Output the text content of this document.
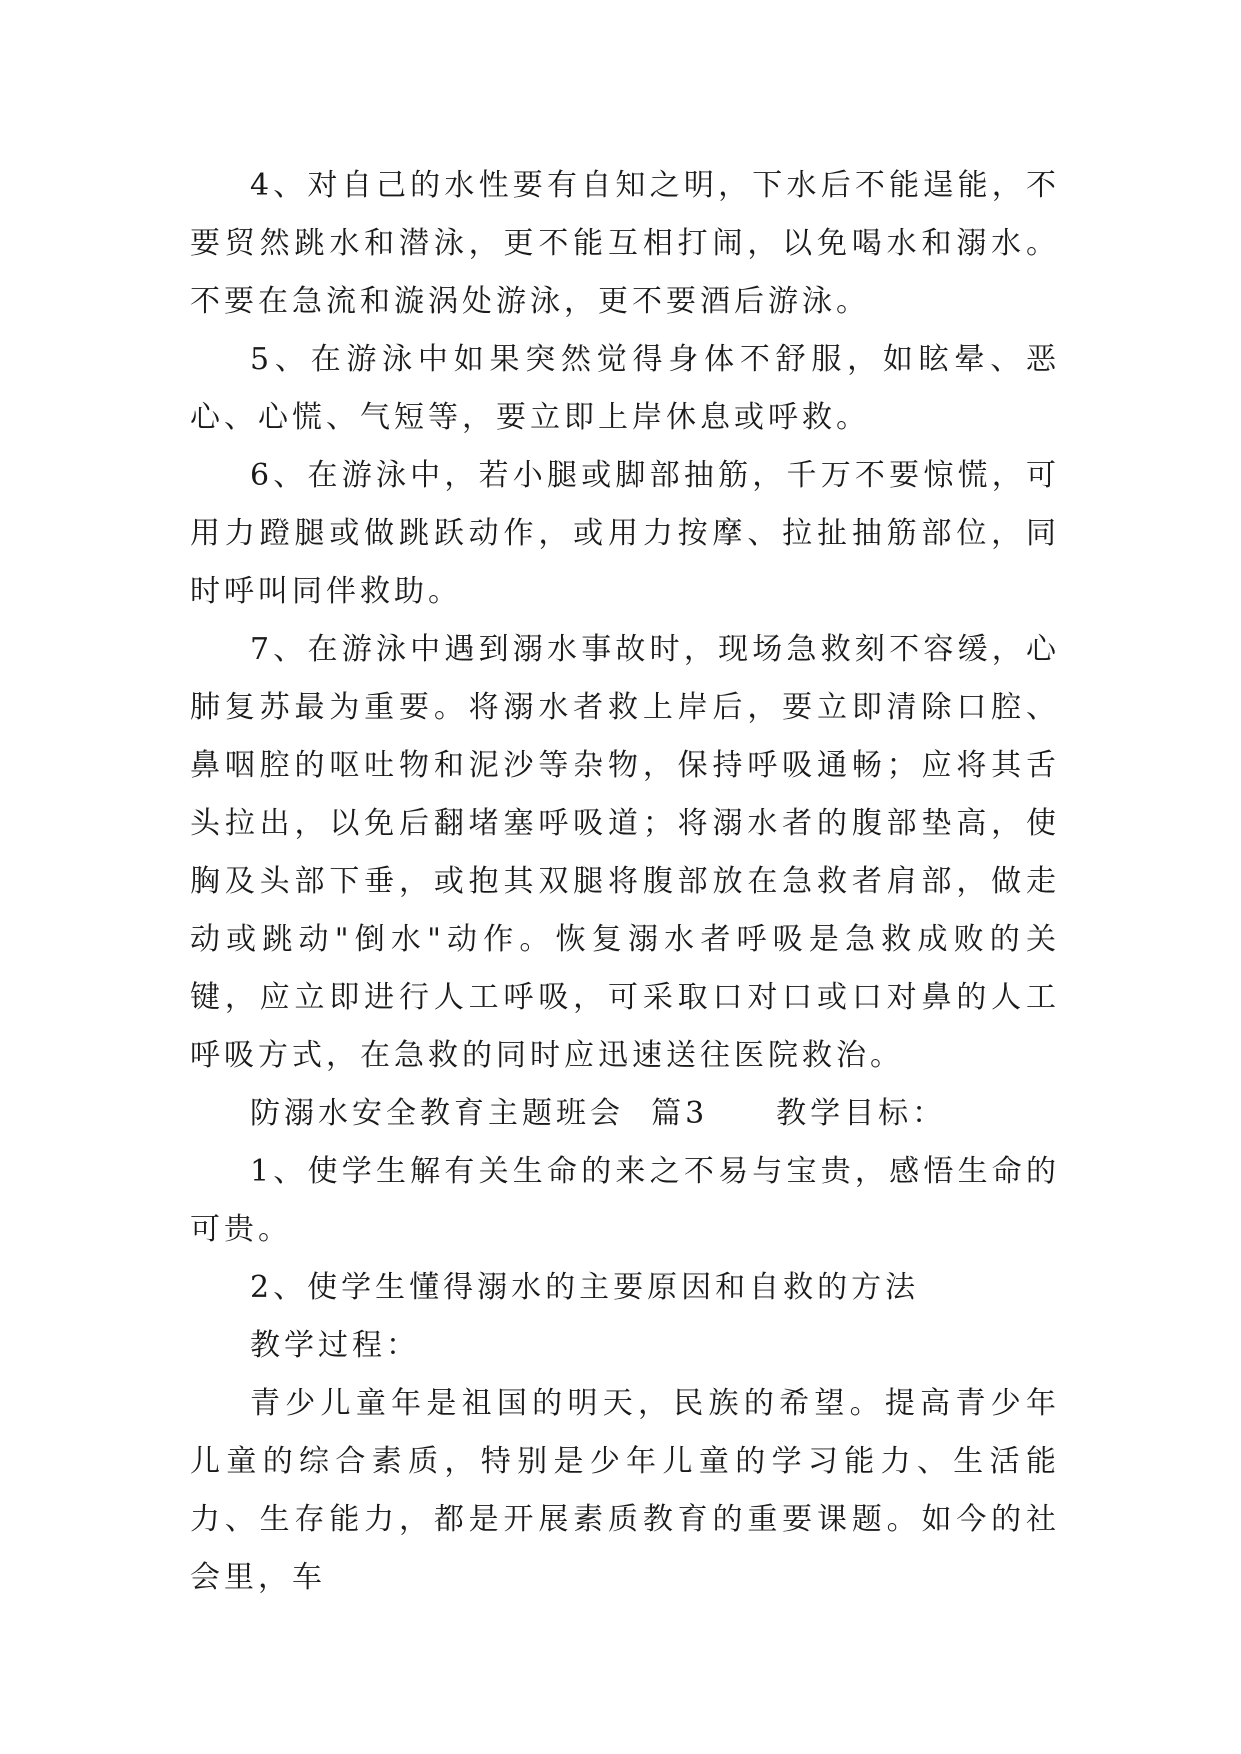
4、对自己的水性要有自知之明，下水后不能逞能，不要贸然跳水和潜泳，更不能互相打闹，以免喝水和溺水。不要在急流和漩涡处游泳，更不要酒后游泳。

5、在游泳中如果突然觉得身体不舒服，如眩晕、恶心、心慌、气短等，要立即上岸休息或呼救。

6、在游泳中，若小腿或脚部抽筋，千万不要惊慌，可用力蹬腿或做跳跃动作，或用力按摩、拉扯抽筋部位，同时呼叫同伴救助。

7、在游泳中遇到溺水事故时，现场急救刻不容缓，心肺复苏最为重要。将溺水者救上岸后，要立即清除口腔、鼻咽腔的呕吐物和泥沙等杂物，保持呼吸通畅；应将其舌头拉出，以免后翻堵塞呼吸道；将溺水者的腹部垫高，使胸及头部下垂，或抱其双腿将腹部放在急救者肩部，做走动或跳动"倒水"动作。恢复溺水者呼吸是急救成败的关键，应立即进行人工呼吸，可采取口对口或口对鼻的人工呼吸方式，在急救的同时应迅速送往医院救治。

防溺水安全教育主题班会  篇3　　教学目标：

1、使学生解有关生命的来之不易与宝贵，感悟生命的可贵。

2、使学生懂得溺水的主要原因和自救的方法

教学过程：

青少儿童年是祖国的明天，民族的希望。提高青少年儿童的综合素质，特别是少年儿童的学习能力、生活能力、生存能力，都是开展素质教育的重要课题。如今的社会里，车
